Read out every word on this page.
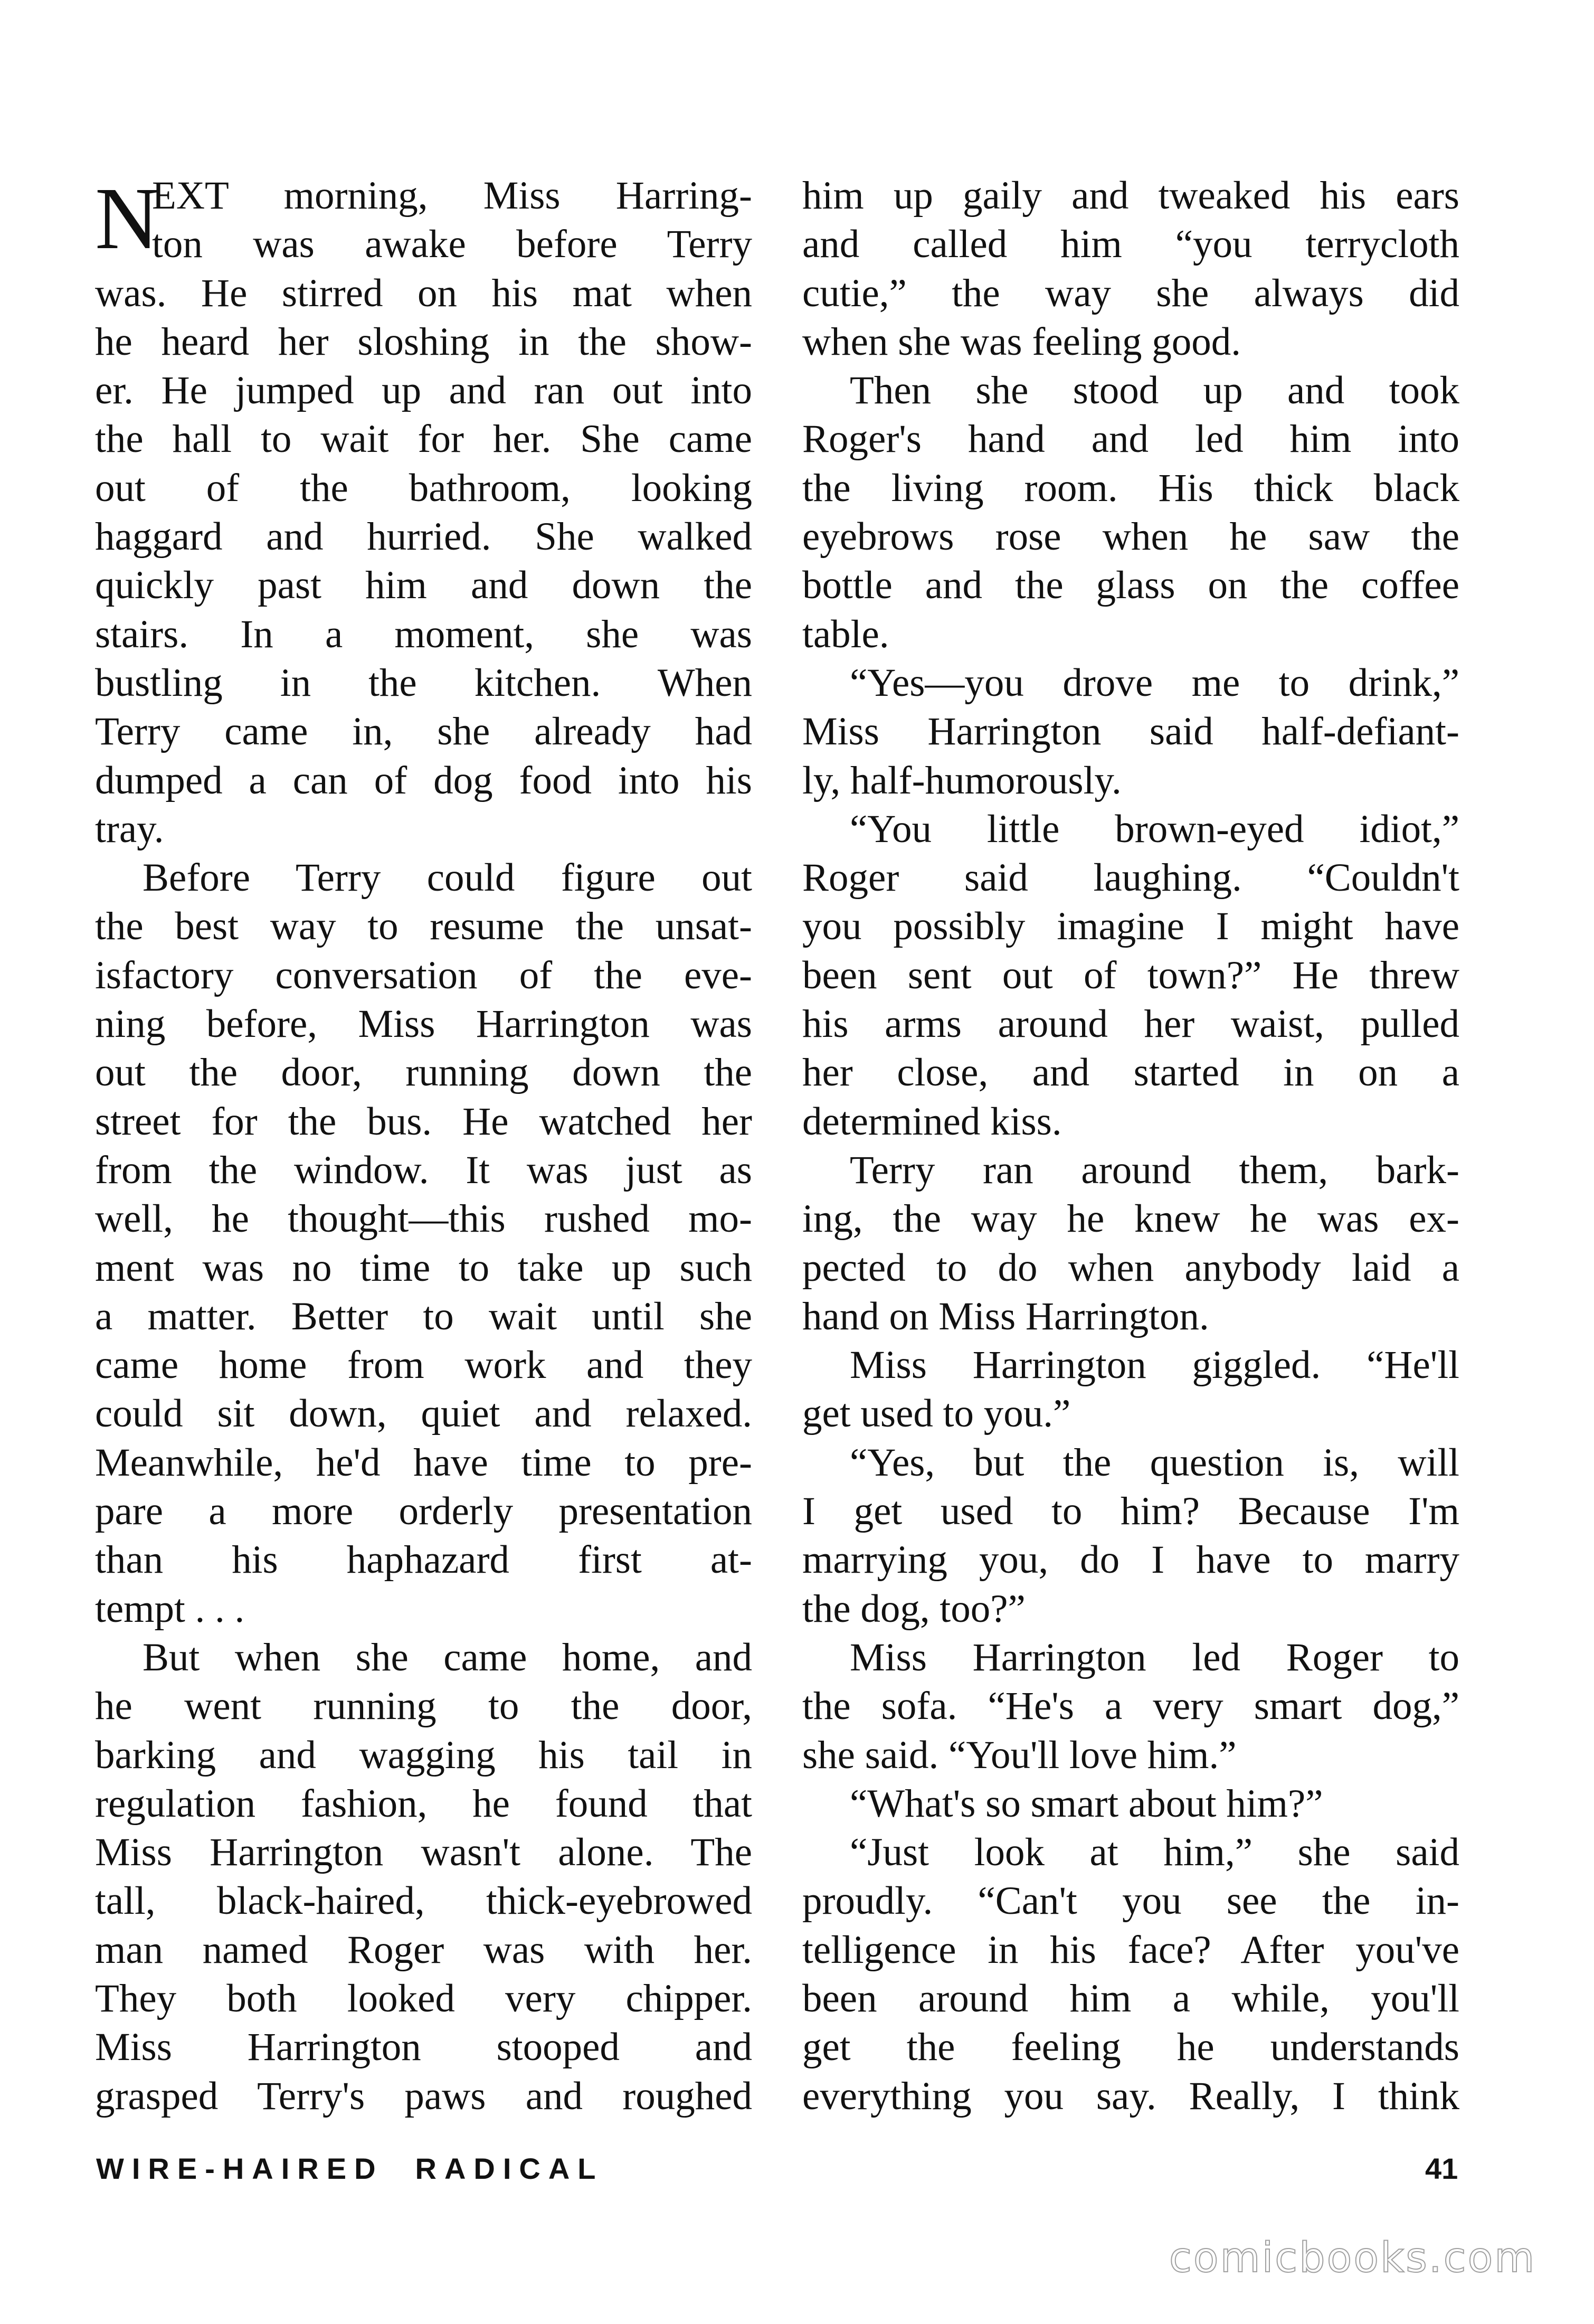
N
EXT morning, Miss Harring-
ton was awake before Terry
was. He stirred on his mat when
he heard her sloshing in the show-
er. He jumped up and ran out into
the hall to wait for her. She came
out of the bathroom, looking
haggard and hurried. She walked
quickly past him and down the
stairs. In a moment, she was
bustling in the kitchen. When
Terry came in, she already had
dumped a can of dog food into his
tray.
Before Terry could figure out
the best way to resume the unsat-
isfactory conversation of the eve-
ning before, Miss Harrington was
out the door, running down the
street for the bus. He watched her
from the window. It was just as
well, he thought—this rushed mo-
ment was no time to take up such
a matter. Better to wait until she
came home from work and they
could sit down, quiet and relaxed.
Meanwhile, he'd have time to pre-
pare a more orderly presentation
than his haphazard first at-
tempt . . .
But when she came home, and
he went running to the door,
barking and wagging his tail in
regulation fashion, he found that
Miss Harrington wasn't alone. The
tall, black-haired, thick-eyebrowed
man named Roger was with her.
They both looked very chipper.
Miss Harrington stooped and
grasped Terry's paws and roughed
him up gaily and tweaked his ears
and called him “you terrycloth
cutie,” the way she always did
when she was feeling good.
Then she stood up and took
Roger's hand and led him into
the living room. His thick black
eyebrows rose when he saw the
bottle and the glass on the coffee
table.
“Yes—you drove me to drink,”
Miss Harrington said half-defiant-
ly, half-humorously.
“You little brown-eyed idiot,”
Roger said laughing. “Couldn't
you possibly imagine I might have
been sent out of town?” He threw
his arms around her waist, pulled
her close, and started in on a
determined kiss.
Terry ran around them, bark-
ing, the way he knew he was ex-
pected to do when anybody laid a
hand on Miss Harrington.
Miss Harrington giggled. “He'll
get used to you.”
“Yes, but the question is, will
I get used to him? Because I'm
marrying you, do I have to marry
the dog, too?”
Miss Harrington led Roger to
the sofa. “He's a very smart dog,”
she said. “You'll love him.”
“What's so smart about him?”
“Just look at him,” she said
proudly. “Can't you see the in-
telligence in his face? After you've
been around him a while, you'll
get the feeling he understands
everything you say. Really, I think
WIRE-HAIRED RADICAL	41
comicbooks.com
